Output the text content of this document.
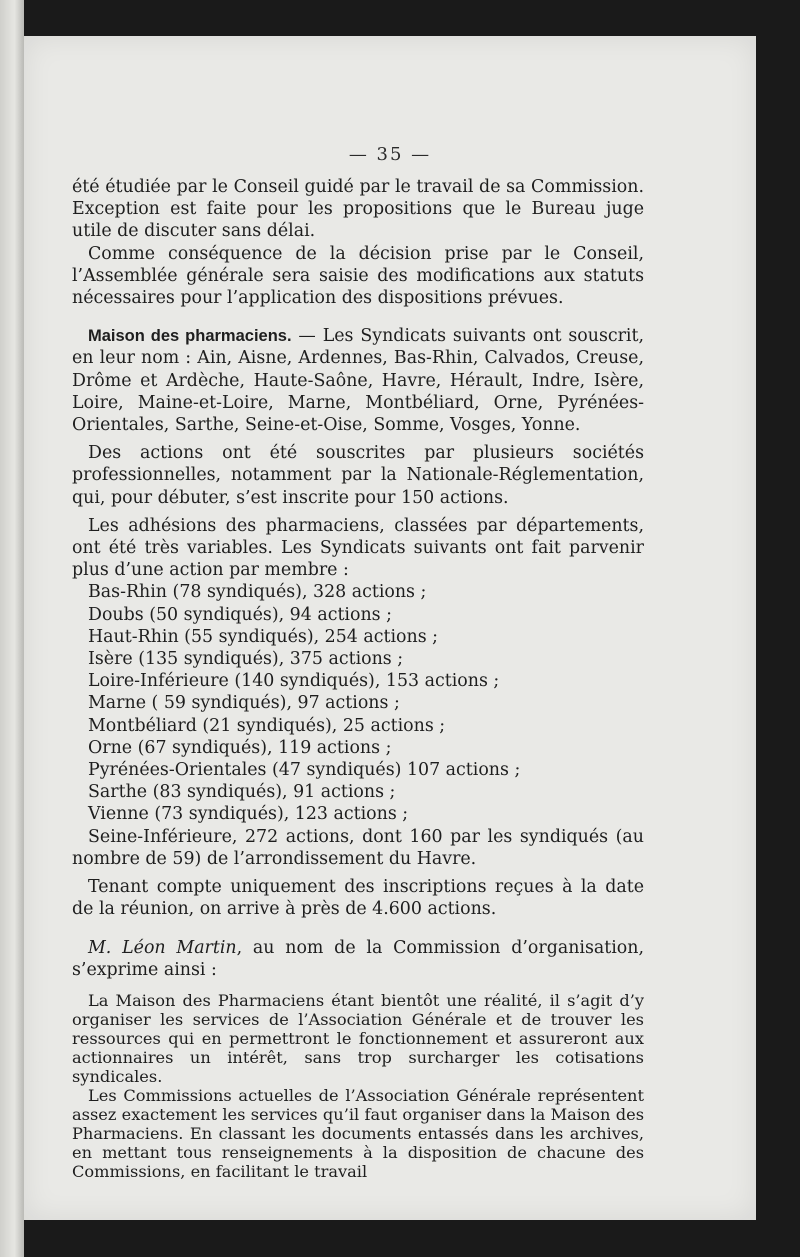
— 35 —

été étudiée par le Conseil guidé par le travail de sa Commission. Exception est faite pour les propositions que le Bureau juge utile de discuter sans délai.

Comme conséquence de la décision prise par le Conseil, l’Assemblée générale sera saisie des modifications aux statuts nécessaires pour l’application des dispositions prévues.

Maison des pharmaciens. — Les Syndicats suivants ont souscrit, en leur nom : Ain, Aisne, Ardennes, Bas-Rhin, Calvados, Creuse, Drôme et Ardèche, Haute-Saône, Havre, Hérault, Indre, Isère, Loire, Maine-et-Loire, Marne, Montbéliard, Orne, Pyrénées-Orientales, Sarthe, Seine-et-Oise, Somme, Vosges, Yonne.

Des actions ont été souscrites par plusieurs sociétés professionnelles, notamment par la Nationale-Réglementation, qui, pour débuter, s’est inscrite pour 150 actions.

Les adhésions des pharmaciens, classées par départements, ont été très variables. Les Syndicats suivants ont fait parvenir plus d’une action par membre :

Bas-Rhin (78 syndiqués), 328 actions ;
Doubs (50 syndiqués), 94 actions ;
Haut-Rhin (55 syndiqués), 254 actions ;
Isère (135 syndiqués), 375 actions ;
Loire-Inférieure (140 syndiqués), 153 actions ;
Marne ( 59 syndiqués), 97 actions ;
Montbéliard (21 syndiqués), 25 actions ;
Orne (67 syndiqués), 119 actions ;
Pyrénées-Orientales (47 syndiqués) 107 actions ;
Sarthe (83 syndiqués), 91 actions ;
Vienne (73 syndiqués), 123 actions ;
Seine-Inférieure, 272 actions, dont 160 par les syndiqués (au nombre de 59) de l’arrondissement du Havre.

Tenant compte uniquement des inscriptions reçues à la date de la réunion, on arrive à près de 4.600 actions.

M. Léon Martin, au nom de la Commission d’organisation, s’exprime ainsi :

La Maison des Pharmaciens étant bientôt une réalité, il s’agit d’y organiser les services de l’Association Générale et de trouver les ressources qui en permettront le fonctionnement et assureront aux actionnaires un intérêt, sans trop surcharger les cotisations syndicales.

Les Commissions actuelles de l’Association Générale représentent assez exactement les services qu’il faut organiser dans la Maison des Pharmaciens. En classant les documents entassés dans les archives, en mettant tous renseignements à la disposition de chacune des Commissions, en facilitant le travail
